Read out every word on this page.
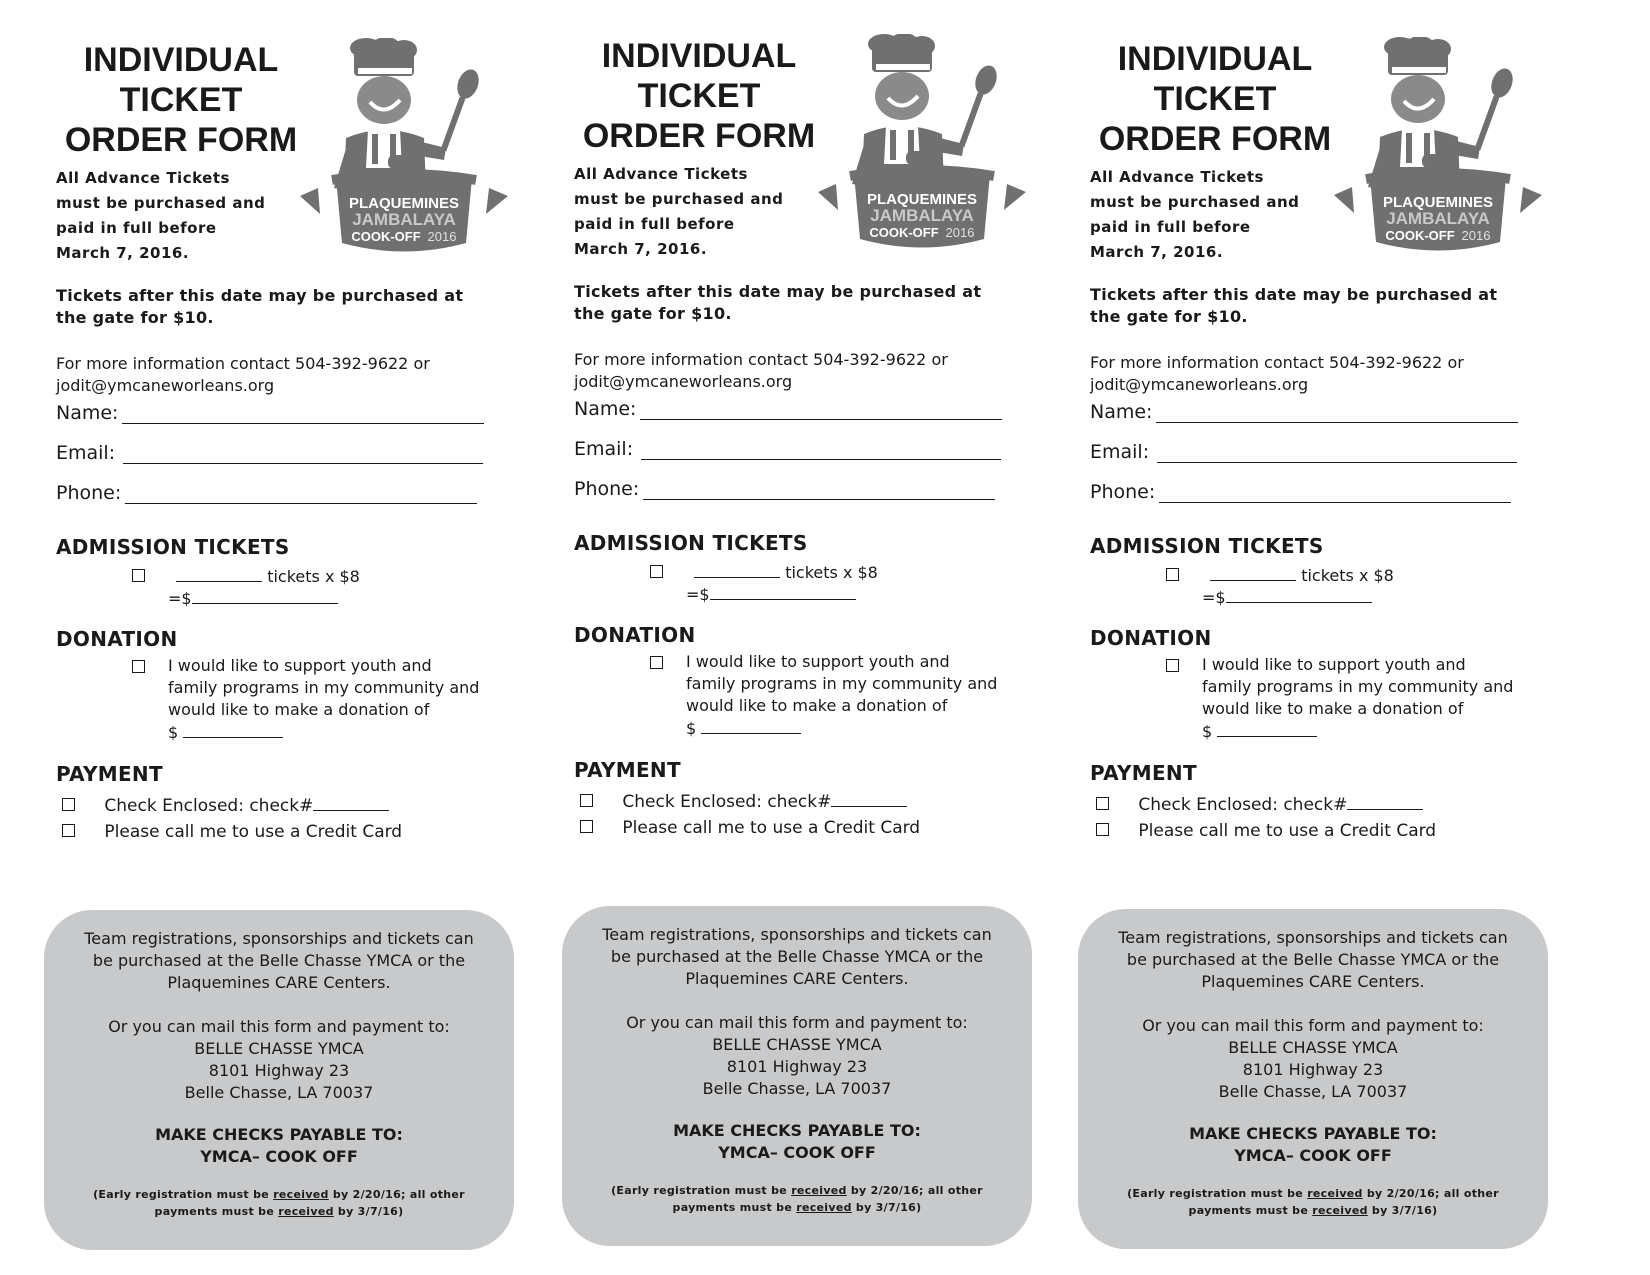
INDIVIDUAL
TICKET
ORDER FORM
All Advance Tickets
must be purchased and
paid in full before
March 7, 2016.
PLAQUEMINES
JAMBALAYA
COOK-OFF 2016
Tickets after this date may be purchased at the gate for $10.
For more information contact 504-392-9622 or
jodit@ymcaneworleans.org
Name:
Email:
Phone:
ADMISSION TICKETS
tickets x $8
=$
DONATION
I would like to support youth and
family programs in my community and
would like to make a donation of
$
PAYMENT
Check Enclosed: check#
Please call me to use a Credit Card
Team registrations, sponsorships and tickets can
be purchased at the Belle Chasse YMCA or the
Plaquemines CARE Centers.
Or you can mail this form and payment to:
BELLE CHASSE YMCA
8101 Highway 23
Belle Chasse, LA 70037
MAKE CHECKS PAYABLE TO:
YMCA– COOK OFF
(Early registration must be received by 2/20/16; all other
payments must be received by 3/7/16)
INDIVIDUAL
TICKET
ORDER FORM
All Advance Tickets
must be purchased and
paid in full before
March 7, 2016.
PLAQUEMINES
JAMBALAYA
COOK-OFF 2016
Tickets after this date may be purchased at the gate for $10.
For more information contact 504-392-9622 or
jodit@ymcaneworleans.org
Name:
Email:
Phone:
ADMISSION TICKETS
tickets x $8
=$
DONATION
I would like to support youth and
family programs in my community and
would like to make a donation of
$
PAYMENT
Check Enclosed: check#
Please call me to use a Credit Card
Team registrations, sponsorships and tickets can
be purchased at the Belle Chasse YMCA or the
Plaquemines CARE Centers.
Or you can mail this form and payment to:
BELLE CHASSE YMCA
8101 Highway 23
Belle Chasse, LA 70037
MAKE CHECKS PAYABLE TO:
YMCA– COOK OFF
(Early registration must be received by 2/20/16; all other
payments must be received by 3/7/16)
INDIVIDUAL
TICKET
ORDER FORM
All Advance Tickets
must be purchased and
paid in full before
March 7, 2016.
PLAQUEMINES
JAMBALAYA
COOK-OFF 2016
Tickets after this date may be purchased at the gate for $10.
For more information contact 504-392-9622 or
jodit@ymcaneworleans.org
Name:
Email:
Phone:
ADMISSION TICKETS
tickets x $8
=$
DONATION
I would like to support youth and
family programs in my community and
would like to make a donation of
$
PAYMENT
Check Enclosed: check#
Please call me to use a Credit Card
Team registrations, sponsorships and tickets can
be purchased at the Belle Chasse YMCA or the
Plaquemines CARE Centers.
Or you can mail this form and payment to:
BELLE CHASSE YMCA
8101 Highway 23
Belle Chasse, LA 70037
MAKE CHECKS PAYABLE TO:
YMCA– COOK OFF
(Early registration must be received by 2/20/16; all other
payments must be received by 3/7/16)
